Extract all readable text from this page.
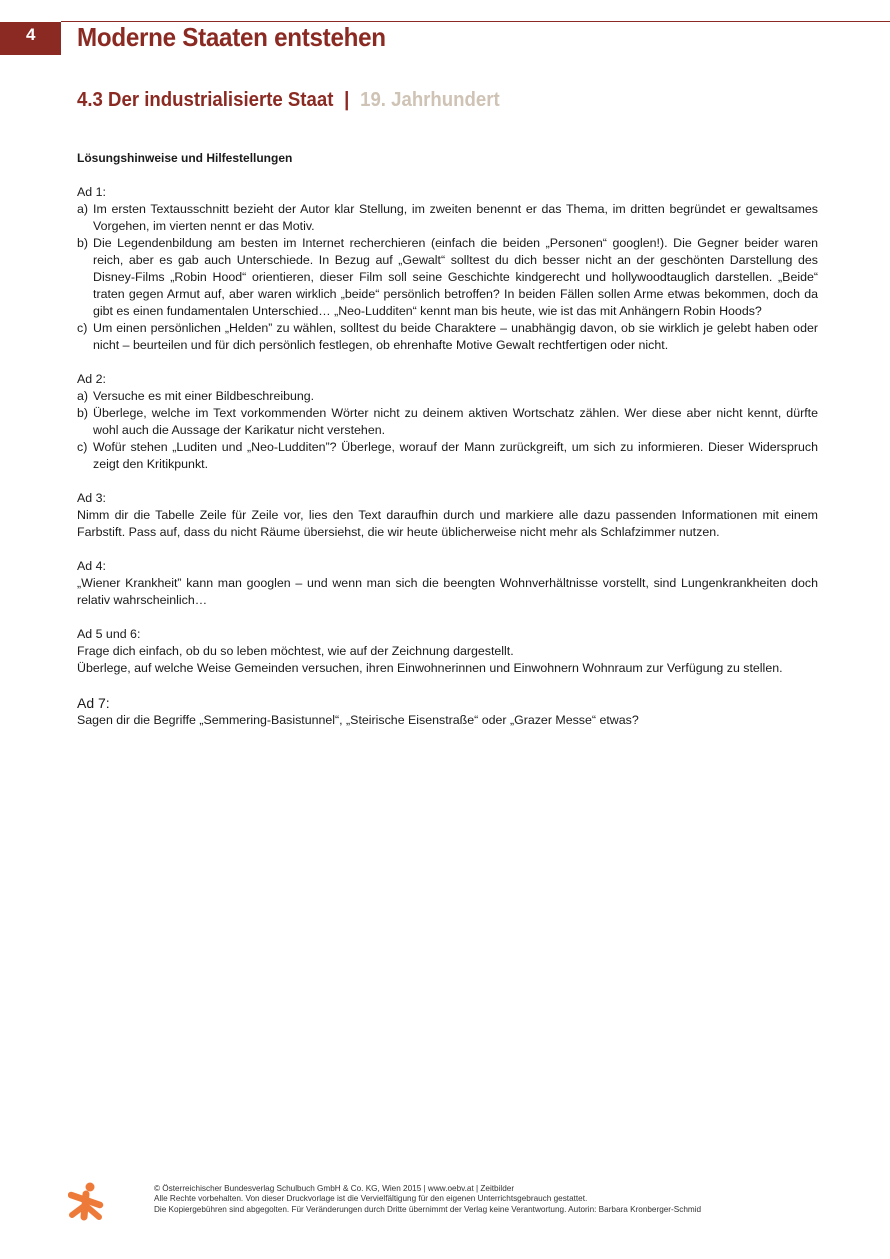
4	Moderne Staaten entstehen
4.3 Der industrialisierte Staat | 19. Jahrhundert
Lösungshinweise und Hilfestellungen
Ad 1:
a) Im ersten Textausschnitt bezieht der Autor klar Stellung, im zweiten benennt er das Thema, im dritten begründet er gewaltsames Vorgehen, im vierten nennt er das Motiv.
b) Die Legendenbildung am besten im Internet recherchieren (einfach die beiden „Personen“ googlen!). Die Gegner beider waren reich, aber es gab auch Unterschiede. In Bezug auf „Gewalt“ solltest du dich besser nicht an der geschönten Darstellung des Disney-Films „Robin Hood“ orientieren, dieser Film soll seine Geschichte kindgerecht und hollywoodtauglich darstellen. „Beide“ traten gegen Armut auf, aber waren wirklich „beide“ persönlich betroffen? In beiden Fällen sollen Arme etwas bekommen, doch da gibt es einen fundamentalen Unterschied… „Neo-Ludditen“ kennt man bis heute, wie ist das mit Anhängern Robin Hoods?
c) Um einen persönlichen „Helden” zu wählen, solltest du beide Charaktere – unabhängig davon, ob sie wirklich je gelebt haben oder nicht – beurteilen und für dich persönlich festlegen, ob ehrenhafte Motive Gewalt rechtfertigen oder nicht.
Ad 2:
a) Versuche es mit einer Bildbeschreibung.
b) Überlege, welche im Text vorkommenden Wörter nicht zu deinem aktiven Wortschatz zählen. Wer diese aber nicht kennt, dürfte wohl auch die Aussage der Karikatur nicht verstehen.
c) Wofür stehen „Luditen und „Neo-Ludditen”? Überlege, worauf der Mann zurückgreift, um sich zu informieren. Dieser Widerspruch zeigt den Kritikpunkt.
Ad 3:
Nimm dir die Tabelle Zeile für Zeile vor, lies den Text daraufhin durch und markiere alle dazu passenden Informationen mit einem Farbstift. Pass auf, dass du nicht Räume übersiehst, die wir heute üblicherweise nicht mehr als Schlafzimmer nutzen.
Ad 4:
„Wiener Krankheit” kann man googlen – und wenn man sich die beengten Wohnverhältnisse vorstellt, sind Lungenkrankheiten doch relativ wahrscheinlich…
Ad 5 und 6:
Frage dich einfach, ob du so leben möchtest, wie auf der Zeichnung dargestellt.
Überlege, auf welche Weise Gemeinden versuchen, ihren Einwohnerinnen und Einwohnern Wohnraum zur Verfügung zu stellen.
Ad 7:
Sagen dir die Begriffe „Semmering-Basistunnel“, „Steirische Eisenstraße“ oder „Grazer Messe“ etwas?
© Österreichischer Bundesverlag Schulbuch GmbH & Co. KG, Wien 2015 | www.oebv.at | Zeitbilder
Alle Rechte vorbehalten. Von dieser Druckvorlage ist die Vervielfältigung für den eigenen Unterrichtsgebrauch gestattet.
Die Kopiergebühren sind abgegolten. Für Veränderungen durch Dritte übernimmt der Verlag keine Verantwortung. Autorin: Barbara Kronberger-Schmid
